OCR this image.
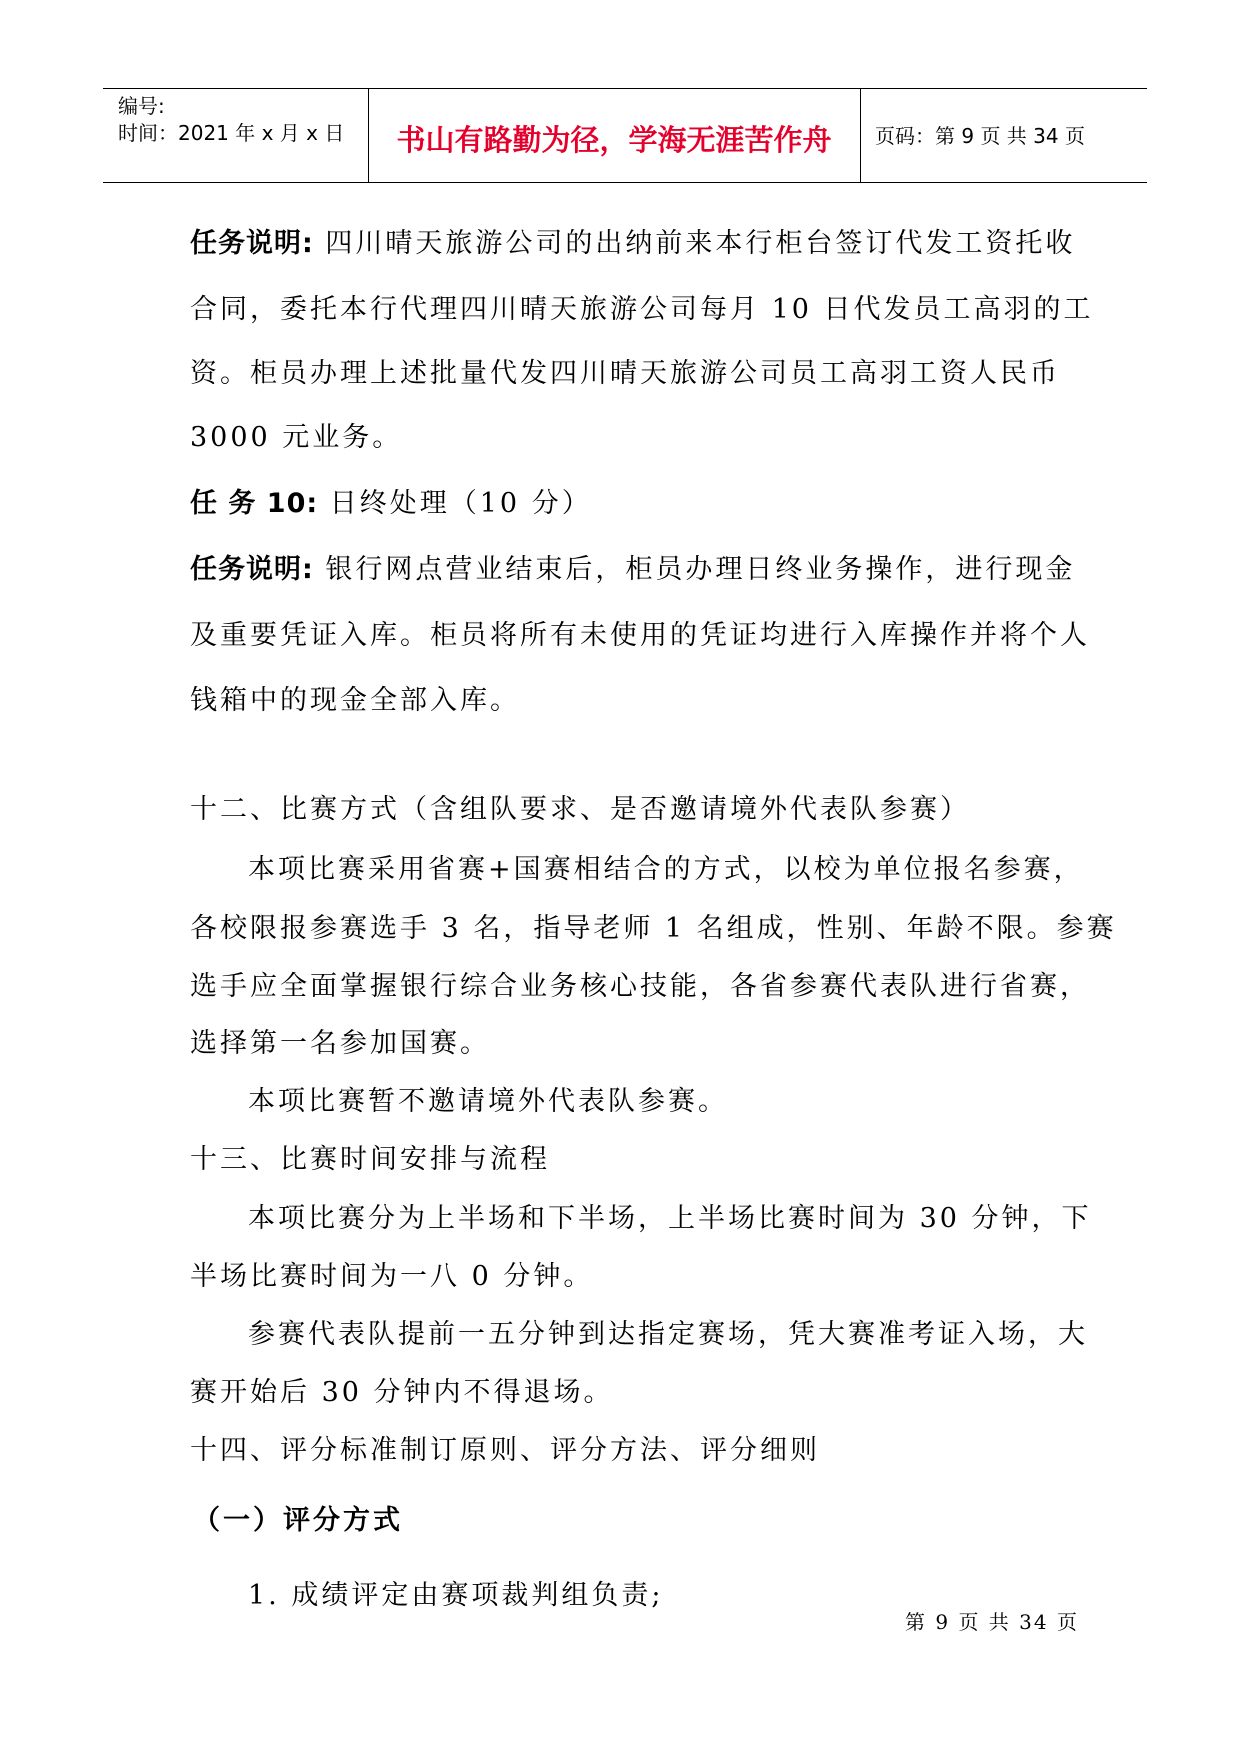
编号:
时间：2021 年 x 月 x 日	书山有路勤为径，学海无涯苦作舟	页码：第 9 页 共 34 页
任务说明: 四川晴天旅游公司的出纳前来本行柜台签订代发工资托收
合同，委托本行代理四川晴天旅游公司每月 10 日代发员工高羽的工
资。柜员办理上述批量代发四川晴天旅游公司员工高羽工资人民币
3000 元业务。
任 务 10: 日终处理（10 分）
任务说明: 银行网点营业结束后，柜员办理日终业务操作，进行现金
及重要凭证入库。柜员将所有未使用的凭证均进行入库操作并将个人
钱箱中的现金全部入库。
十二、比赛方式（含组队要求、是否邀请境外代表队参赛）
本项比赛采用省赛+国赛相结合的方式，以校为单位报名参赛，
各校限报参赛选手 3 名，指导老师 1 名组成，性别、年龄不限。参赛
选手应全面掌握银行综合业务核心技能，各省参赛代表队进行省赛，
选择第一名参加国赛。
本项比赛暂不邀请境外代表队参赛。
十三、比赛时间安排与流程
本项比赛分为上半场和下半场，上半场比赛时间为 30 分钟，下
半场比赛时间为一八 0 分钟。
参赛代表队提前一五分钟到达指定赛场，凭大赛准考证入场，大
赛开始后 30 分钟内不得退场。
十四、评分标准制订原则、评分方法、评分细则
（一）评分方式
1. 成绩评定由赛项裁判组负责;
第 9 页 共 34 页
